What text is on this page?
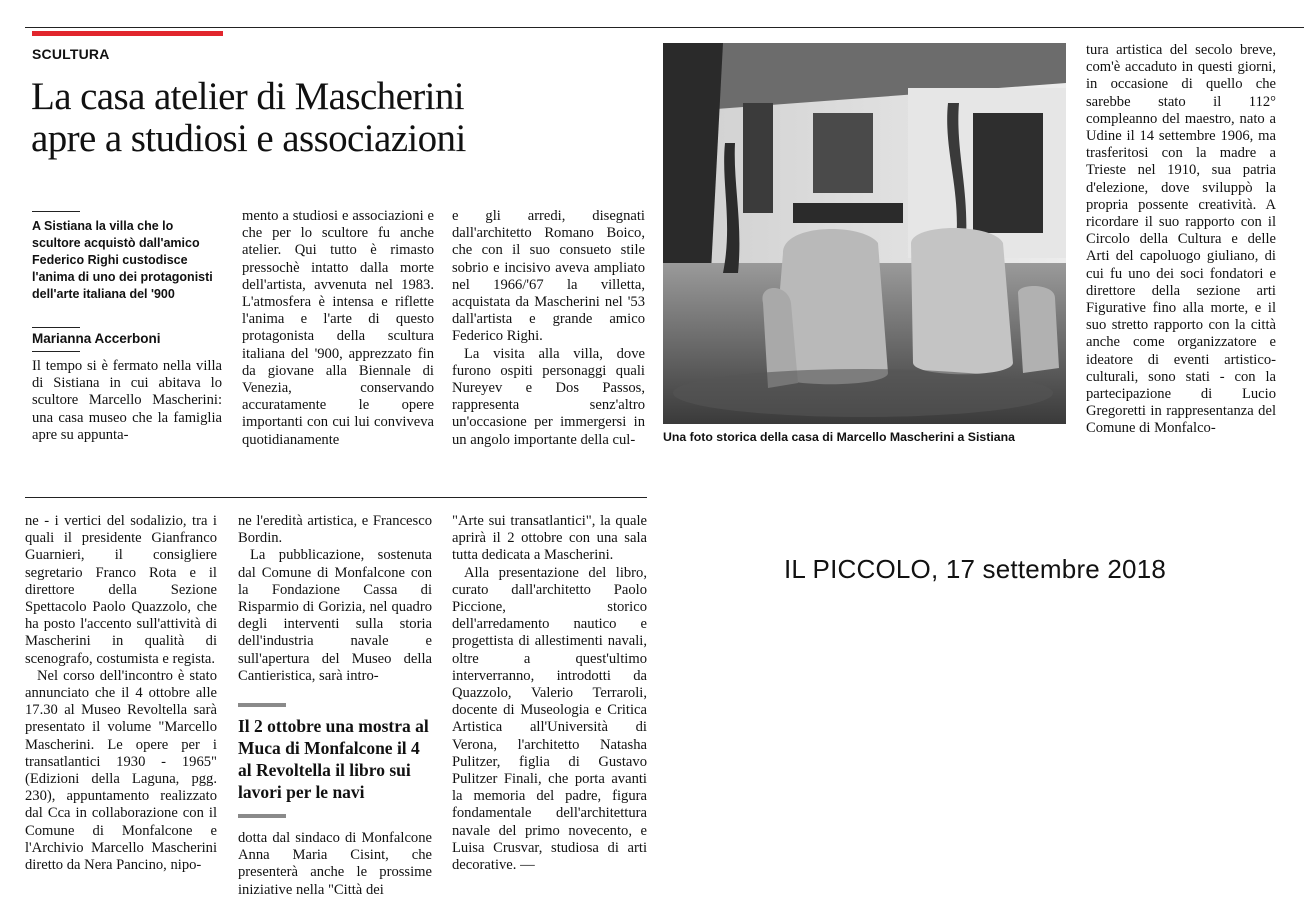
SCULTURA
La casa atelier di Mascherini
apre a studiosi e associazioni
A Sistiana la villa che lo scultore acquistò dall'amico Federico Righi custodisce l'anima di uno dei protagonisti dell'arte italiana del '900
Marianna Accerboni

Il tempo si è fermato nella villa di Sistiana in cui abitava lo scultore Marcello Mascherini: una casa museo che la famiglia apre su appunta-

mento a studiosi e associazioni e che per lo scultore fu anche atelier. Qui tutto è rimasto pressochè intatto dalla morte dell'artista, avvenuta nel 1983. L'atmosfera è intensa e riflette l'anima e l'arte di questo protagonista della scultura italiana del '900, apprezzato fin da giovane alla Biennale di Venezia, conservando accuratamente le opere importanti con cui lui conviveva quotidianamente

e gli arredi, disegnati dall'architetto Romano Boico, che con il suo consueto stile sobrio e incisivo aveva ampliato nel 1966/'67 la villetta, acquistata da Mascherini nel '53 dall'artista e grande amico Federico Righi.

La visita alla villa, dove furono ospiti personaggi quali Nureyev e Dos Passos, rappresenta senz'altro un'occasione per immergersi in un angolo importante della cul-	Una foto storica della casa di Marcello Mascherini a Sistiana

tura artistica del secolo breve, com'è accaduto in questi giorni, in occasione di quello che sarebbe stato il 112° compleanno del maestro, nato a Udine il 14 settembre 1906, ma trasferitosi con la madre a Trieste nel 1910, sua patria d'elezione, dove sviluppò la propria possente creatività. A ricordare il suo rapporto con il Circolo della Cultura e delle Arti del capoluogo giuliano, di cui fu uno dei soci fondatori e direttore della sezione arti Figurative fino alla morte, e il suo stretto rapporto con la città anche come organizzatore e ideatore di eventi artistico-culturali, sono stati - con la partecipazione di Lucio Gregoretti in rappresentanza del Comune di Monfalco-

ne - i vertici del sodalizio, tra i quali il presidente Gianfranco Guarnieri, il consigliere segretario Franco Rota e il direttore della Sezione Spettacolo Paolo Quazzolo, che ha posto l'accento sull'attività di Mascherini in qualità di scenografo, costumista e regista.

Nel corso dell'incontro è stato annunciato che il 4 ottobre alle 17.30 al Museo Revoltella sarà presentato il volume "Marcello Mascherini. Le opere per i transatlantici 1930 - 1965" (Edizioni della Laguna, pgg. 230), appuntamento realizzato dal Cca in collaborazione con il Comune di Monfalcone e l'Archivio Marcello Mascherini diretto da Nera Pancino, nipo-

ne l'eredità artistica, e Francesco Bordin.

La pubblicazione, sostenuta dal Comune di Monfalcone con la Fondazione Cassa di Risparmio di Gorizia, nel quadro degli interventi sulla storia dell'industria navale e sull'apertura del Museo della Cantieristica, sarà intro-

Il 2 ottobre una mostra al Muca di Monfalcone il 4 al Revoltella il libro sui lavori per le navi

dotta dal sindaco di Monfalcone Anna Maria Cisint, che presenterà anche le prossime iniziative nella "Città dei

"Arte sui transatlantici", la quale aprirà il 2 ottobre con una sala tutta dedicata a Mascherini.

Alla presentazione del libro, curato dall'architetto Paolo Piccione, storico dell'arredamento nautico e progettista di allestimenti navali, oltre a quest'ultimo interverranno, introdotti da Quazzolo, Valerio Terraroli, docente di Museologia e Critica Artistica all'Università di Verona, l'architetto Natasha Pulitzer, figlia di Gustavo Pulitzer Finali, che porta avanti la memoria del padre, figura fondamentale dell'architettura navale del primo novecento, e Luisa Crusvar, studiosa di arti decorative. —

IL PICCOLO, 17 settembre 2018
